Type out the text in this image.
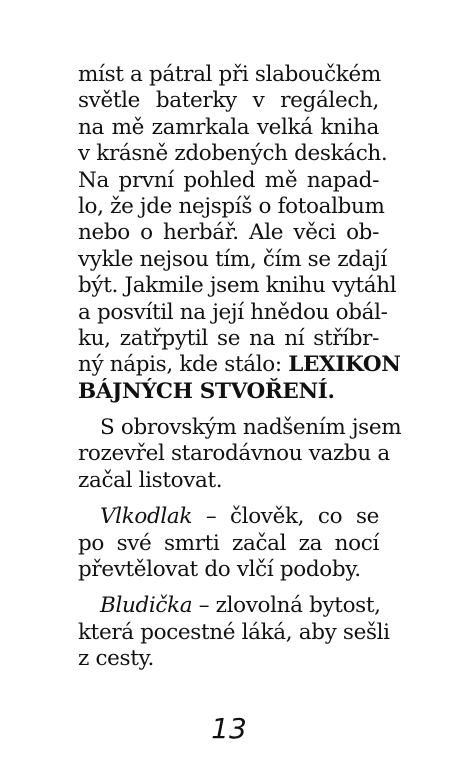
míst a pátral při slaboučkém
světle baterky v regálech,
na mě zamrkala velká kniha
v krásně zdobených deskách.
Na první pohled mě napad-
lo, že jde nejspíš o fotoalbum
nebo o herbář. Ale věci ob-
vykle nejsou tím, čím se zdají
být. Jakmile jsem knihu vytáhl
a posvítil na její hnědou obál-
ku, zatřpytil se na ní stříbr-
ný nápis, kde stálo: LEXIKON
BÁJNÝCH STVOŘENÍ.
S obrovským nadšením jsem
rozevřel starodávnou vazbu a
začal listovat.
Vlkodlak – člověk, co se
po své smrti začal za nocí
převtělovat do vlčí podoby.
Bludička – zlovolná bytost,
která pocestné láká, aby sešli
z cesty.
13
